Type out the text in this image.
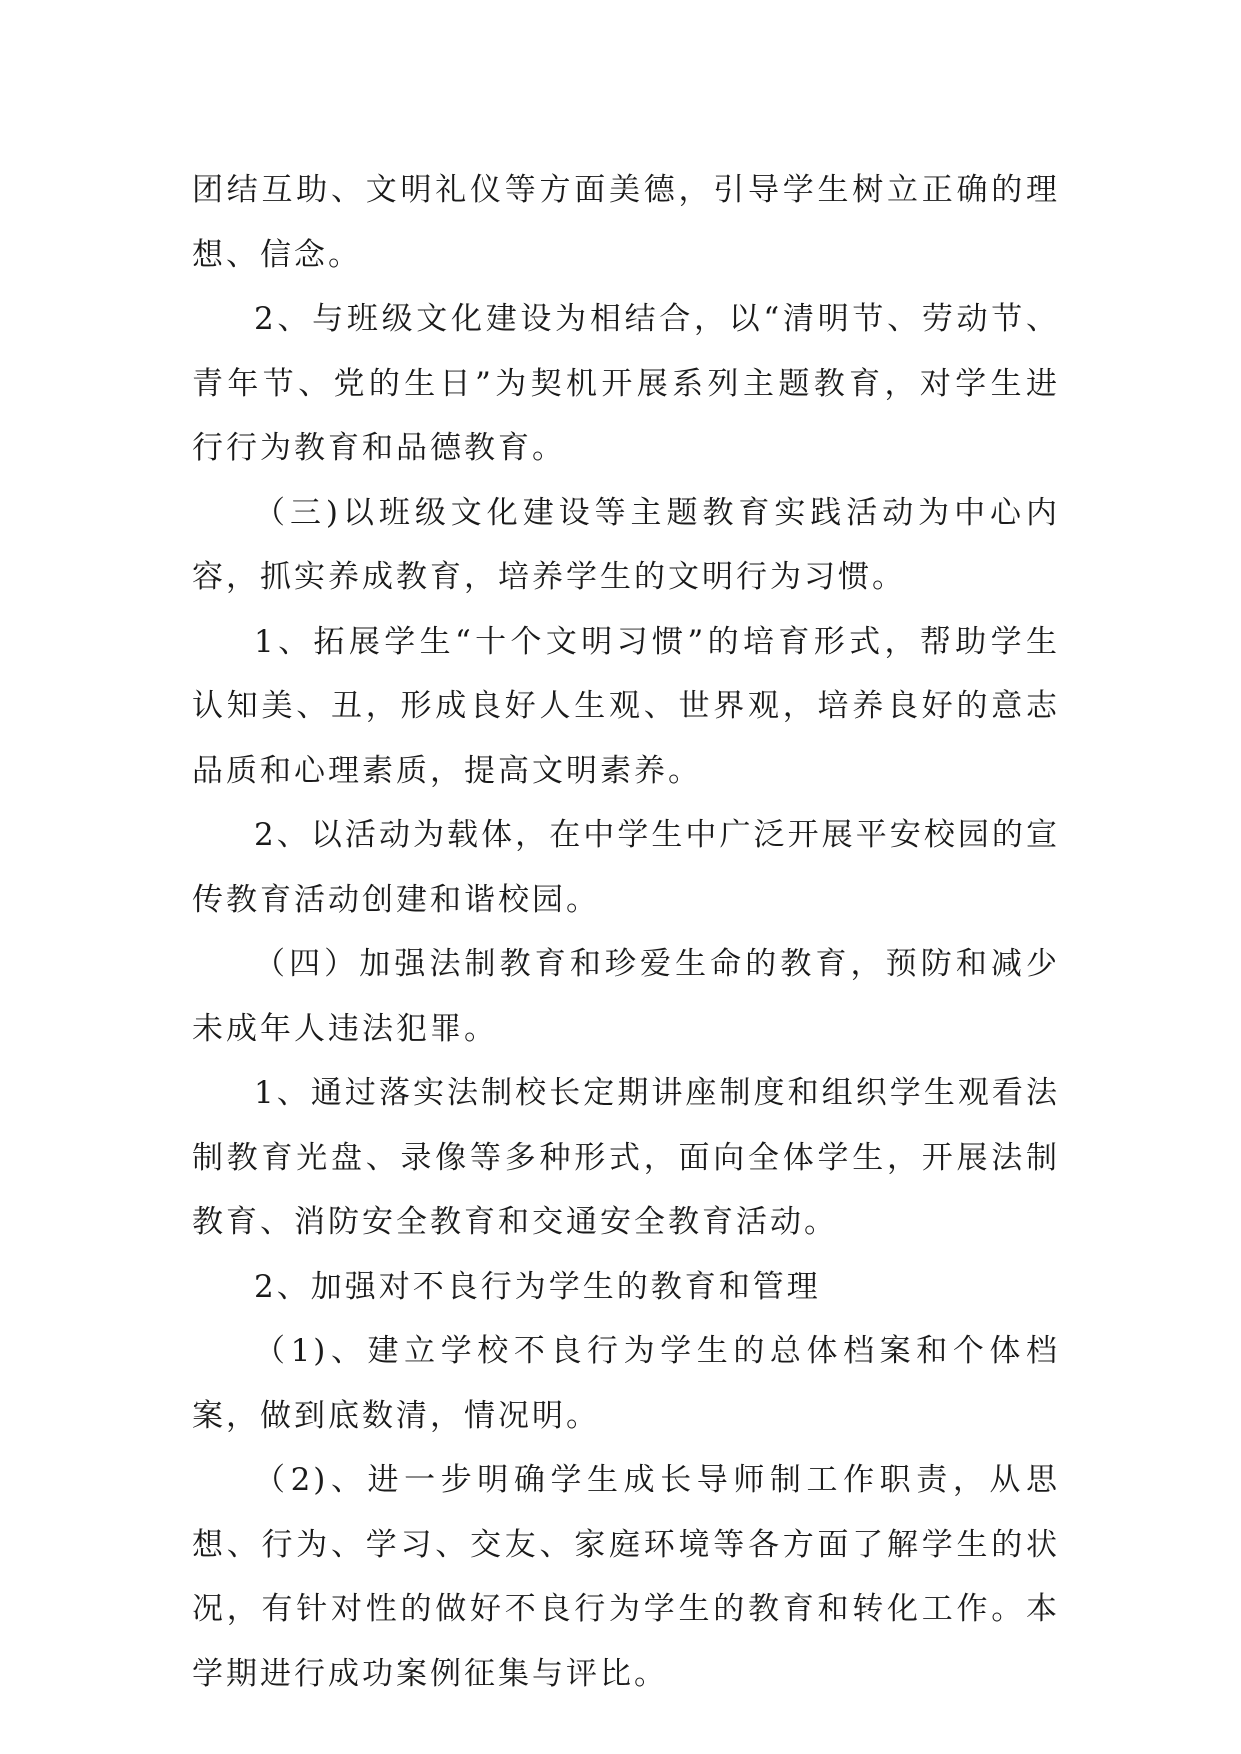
团结互助、文明礼仪等方面美德，引导学生树立正确的理想、信念。

2、与班级文化建设为相结合，以“清明节、劳动节、青年节、党的生日”为契机开展系列主题教育，对学生进行行为教育和品德教育。

（三)以班级文化建设等主题教育实践活动为中心内容，抓实养成教育，培养学生的文明行为习惯。

1、拓展学生“十个文明习惯”的培育形式，帮助学生认知美、丑，形成良好人生观、世界观，培养良好的意志品质和心理素质，提高文明素养。

2、以活动为载体，在中学生中广泛开展平安校园的宣传教育活动创建和谐校园。

（四）加强法制教育和珍爱生命的教育，预防和减少未成年人违法犯罪。

1、通过落实法制校长定期讲座制度和组织学生观看法制教育光盘、录像等多种形式，面向全体学生，开展法制教育、消防安全教育和交通安全教育活动。

2、加强对不良行为学生的教育和管理

（1)、建立学校不良行为学生的总体档案和个体档案，做到底数清，情况明。

（2)、进一步明确学生成长导师制工作职责，从思想、行为、学习、交友、家庭环境等各方面了解学生的状况，有针对性的做好不良行为学生的教育和转化工作。本学期进行成功案例征集与评比。
